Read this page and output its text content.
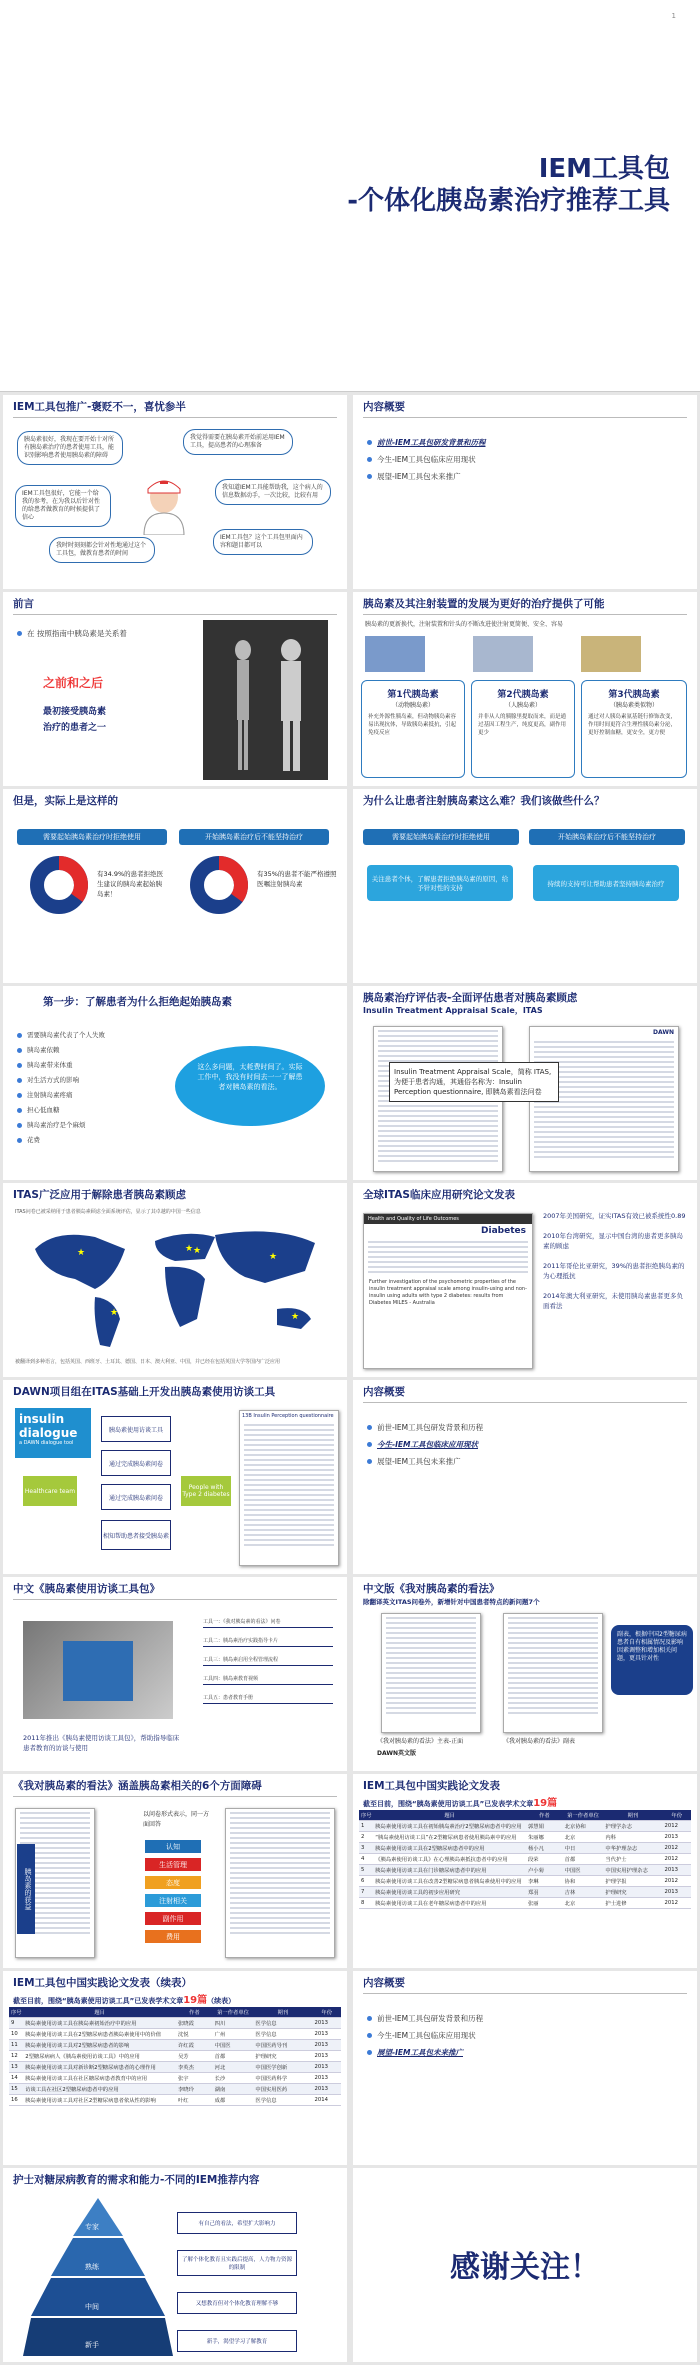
1
IEM工具包
-个体化胰岛素治疗推荐工具
IEM工具包推广-褒贬不一，喜忧参半
胰岛素很好，我现在要开始十对所有胰岛素治疗的患者使用工具，能识别影响患者使用胰岛素的障碍
我觉得需要在胰岛素开始前运用IEM工具，提高患者的心理准备
IEM工具包很好，它能一个给我的参考，在为我以后针对性的给患者做教育的时候提供了信心
我知道IEM工具能帮助我，这个病人的信息数据动手，一次比较，比较有用
我时时刻刻都会针对性地通过这个工具包，做教育患者的时间
IEM工具包？这个工具包里面内容和题目都可以
内容概要
前世-IEM工具包研发背景和历程
今生-IEM工具包临床应用现状
展望-IEM工具包未来推广
前言
在 按照指南中胰岛素是关系着
之前和之后
最初接受胰岛素
治疗的患者之一
胰岛素及其注射装置的发展为更好的治疗提供了可能
胰岛素的更新换代，注射装置和针头的不断改进使注射更简便、安全、容易
第1代胰岛素
（动物胰岛素）
补充外源性胰岛素，但动物胰岛素容易出现抗体，导致胰岛素抵抗，引起免疫反应
第2代胰岛素
（人胰岛素）
并非从人的胰腺里提取而来，而是通过基因工程生产，纯度更高，副作用更少
第3代胰岛素
（胰岛素类似物）
通过对人胰岛素氨基链行修饰改变，作用时间更符合生理性胰岛素分泌，更好控制血糖，更安全，更方便
但是，实际上是这样的
需要起始胰岛素治疗时拒绝使用	开始胰岛素治疗后不能坚持治疗
有34.9%的患者拒绝医生建议的胰岛素起始胰岛素！
有35%的患者不能严格遵照医嘱注射胰岛素
为什么让患者注射胰岛素这么难？我们该做些什么？
需要起始胰岛素治疗时拒绝使用	开始胰岛素治疗后不能坚持治疗
关注患者个体，了解患者拒绝胰岛素的原因，给予针对性的支持
持续的支持可让帮助患者坚持胰岛素治疗
第一步：了解患者为什么拒绝起始胰岛素
需要胰岛素代表了个人失败
胰岛素依赖
胰岛素带来体重
对生活方式的影响
注射胰岛素疼痛
担心低血糖
胰岛素治疗是个麻烦
花费
这么多问题，太耗费时间了。实际工作中，我没有时间去一一了解患者对胰岛素的看法。
胰岛素治疗评估表-全面评估患者对胰岛素顾虑
Insulin Treatment Appraisal Scale，ITAS
DAWN
Insulin Treatment Appraisal Scale，简称 ITAS, 为便于患者沟通，其通俗名称为：Insulin Perception questionnaire, 即胰岛素看法问卷
ITAS广泛应用于解除患者胰岛素顾虑
ITAS问卷已被采纳用于患者胰岛素顾虑全面系统评估，显示了其卓越的中国一些信息
★	★ ★
★
★
★
被翻译到多种语言，包括英国、西班牙、土耳其、德国、日本、澳大利亚、中国，并已经在包括英国大学等国内广泛应用
全球ITAS临床应用研究论文发表
Health and Quality of Life Outcomes
Diabetes
Further investigation of the psychometric properties of the insulin treatment appraisal scale among insulin-using and non-insulin using adults with type 2 diabetes: results from Diabetes MILES - Australia
2007年美国研究，证实ITAS有效已被系统性0.89
2010年台湾研究，显示中国台湾的患者更多胰岛素的顾虑
2011年哥伦比亚研究，39%的患者拒绝胰岛素的为心理抵抗
2014年澳大利亚研究，未使用胰岛素患者更多负面看法
DAWN项目组在ITAS基础上开发出胰岛素使用访谈工具
insulin
dialogue
a DAWN dialogue tool
胰岛素使用访谈工具
通过完成胰岛素问卷
通过完成胰岛素问卷
相知帮助患者接受胰岛素
Healthcare team	People with Type 2 diabetes
13B Insulin Perception questionnaire
内容概要
前世-IEM工具包研发背景和历程
今生-IEM工具包临床应用现状
展望-IEM工具包未来推广
中文《胰岛素使用访谈工具包》
工具一：《我对胰岛素的看法》问卷
工具二：胰岛素治疗实践指导卡片
工具三：胰岛素启用全程管理流程
工具四：胰岛素教育视频
工具五：患者教育手册
2011年推出《胰岛素使用访谈工具包》，帮助指导临床患者教育的访谈与使用
中文版《我对胰岛素的看法》
除翻译英文ITAS问卷外，新增针对中国患者特点的新问题7个
副表，根据中国2型糖尿病患者自有相属情况及影响因素调整和增加相关问题，更具针对性
《我对胰岛素的看法》主表-正面	《我对胰岛素的看法》副表
DAWN英文版
《我对胰岛素的看法》涵盖胰岛素相关的6个方面障碍
胰岛素的获益
以问卷形式表示，同一方面回答
认知
生活管理
态度
注射相关
副作用
费用
IEM工具包中国实践论文发表
截至目前，围绕“胰岛素使用访谈工具”已发表学术文章19篇
序号	题目	作者	第一作者单位	期刊	年份
1	胰岛素使用访谈工具在初始胰岛素治疗2型糖尿病患者中的应用	郭慧娟	北京协和	护理学杂志	2012
2	“胰岛素使用访谈工具”在2型糖尿病患者使用胰岛素中的应用	朱丽娜	北京	内科	2013
3	胰岛素使用访谈工具在2型糖尿病患者中的应用	杨小凡	中日	中华护理杂志	2012
4	《胰岛素使用访谈工具》在心理胰岛素抵抗患者中的应用	段荣	首都	当代护士	2012
5	胰岛素使用访谈工具在门诊糖尿病患者中的应用	卢小菊	中国医	中国实用护理杂志	2013
6	胰岛素使用访谈工具在改善2型糖尿病患者胰岛素使用中的应用	李琳	协和	护理学报	2012
7	胰岛素使用访谈工具的初步应用研究	郑羽	吉林	护理研究	2013
8	胰岛素使用访谈工具在老年糖尿病患者中的应用	张丽	北京	护士进修	2012
IEM工具包中国实践论文发表（续表）
截至目前，围绕“胰岛素使用访谈工具”已发表学术文章19篇（续表）
序号	题目	作者	第一作者单位	期刊	年份
9	胰岛素使用访谈工具在胰岛素初始治疗中的应用	张晓霞	四川	医学信息	2013
10	胰岛素使用访谈工具在2型糖尿病患者胰岛素使用中的价值	沈悦	广州	医学信息	2013
11	胰岛素使用访谈工具对2型糖尿病患者的影响	许红霞	中国医	中国医药导刊	2013
12	2型糖尿病病人《胰岛素使用访谈工具》中的应用	吴芳	首都	护理研究	2013
13	胰岛素使用访谈工具对新诊断2型糖尿病患者的心理作用	李英杰	河北	中国医学创新	2013
14	胰岛素使用访谈工具在社区糖尿病患者教育中的应用	张宇	长沙	中国医药科学	2013
15	访谈工具在社区2型糖尿病患者中的应用	李晓玲	湖南	中国实用医药	2013
16	胰岛素使用访谈工具对社区2型糖尿病患者依从性的影响	叶红	成都	医学信息	2014
内容概要
前世-IEM工具包研发背景和历程
今生-IEM工具包临床应用现状
展望-IEM工具包未来推广
护士对糖尿病教育的需求和能力-不同的IEM推荐内容
专家
熟练
中间
新手
有自己的看法，希望扩大影响力
了解个体化教育且实践后提高，人力物力资源的限制
又想教育但对个体化教育理解不够
新手，渴望学习了解教育
感谢关注！
